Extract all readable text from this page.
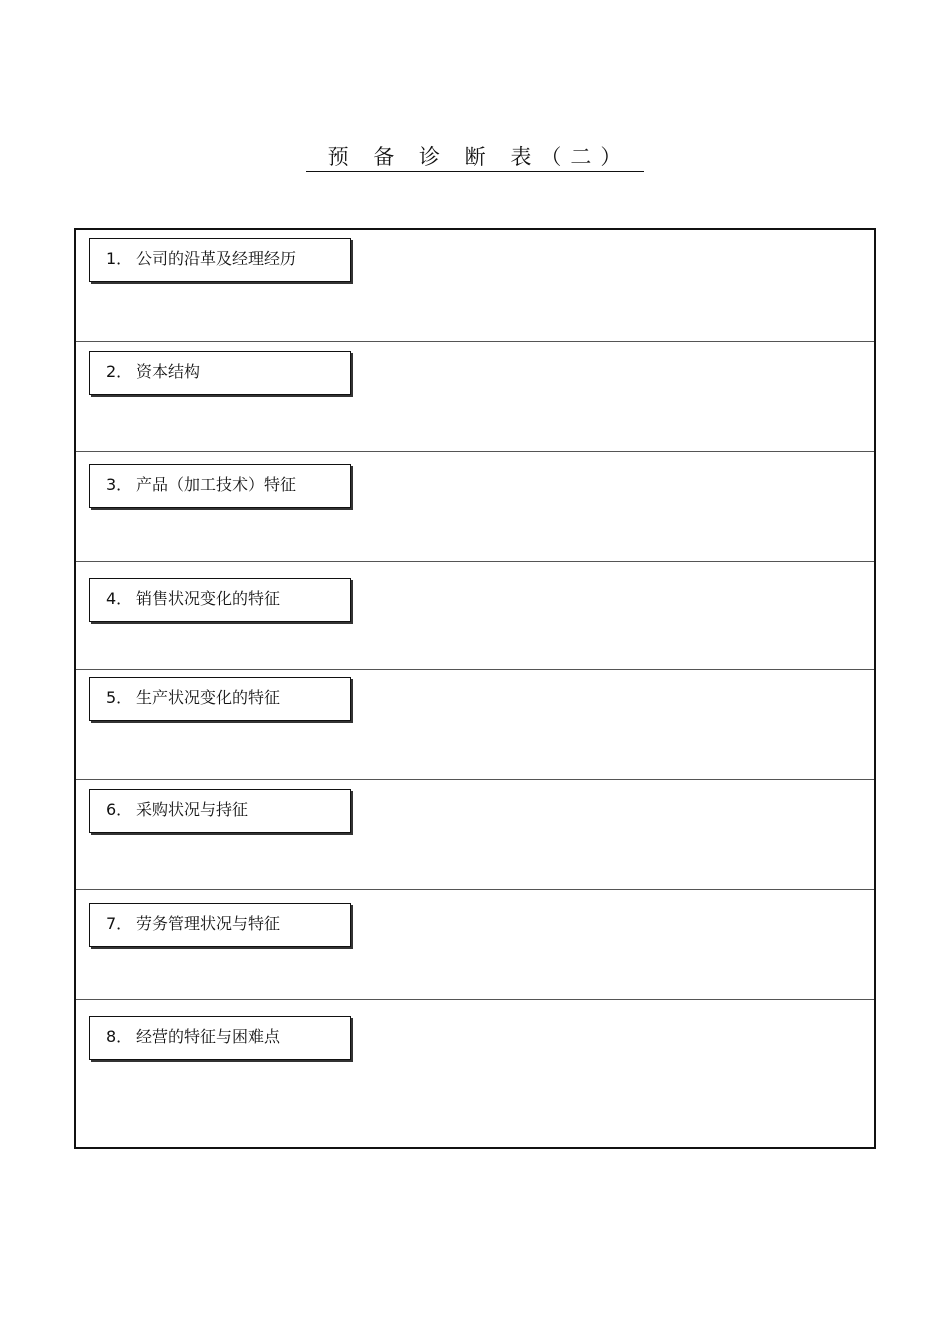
预 备 诊 断 表（二）
1． 公司的沿革及经理经历
2． 资本结构
3． 产品（加工技术）特征
4． 销售状况变化的特征
5． 生产状况变化的特征
6． 采购状况与持征
7． 劳务管理状况与特征
8． 经营的特征与困难点
